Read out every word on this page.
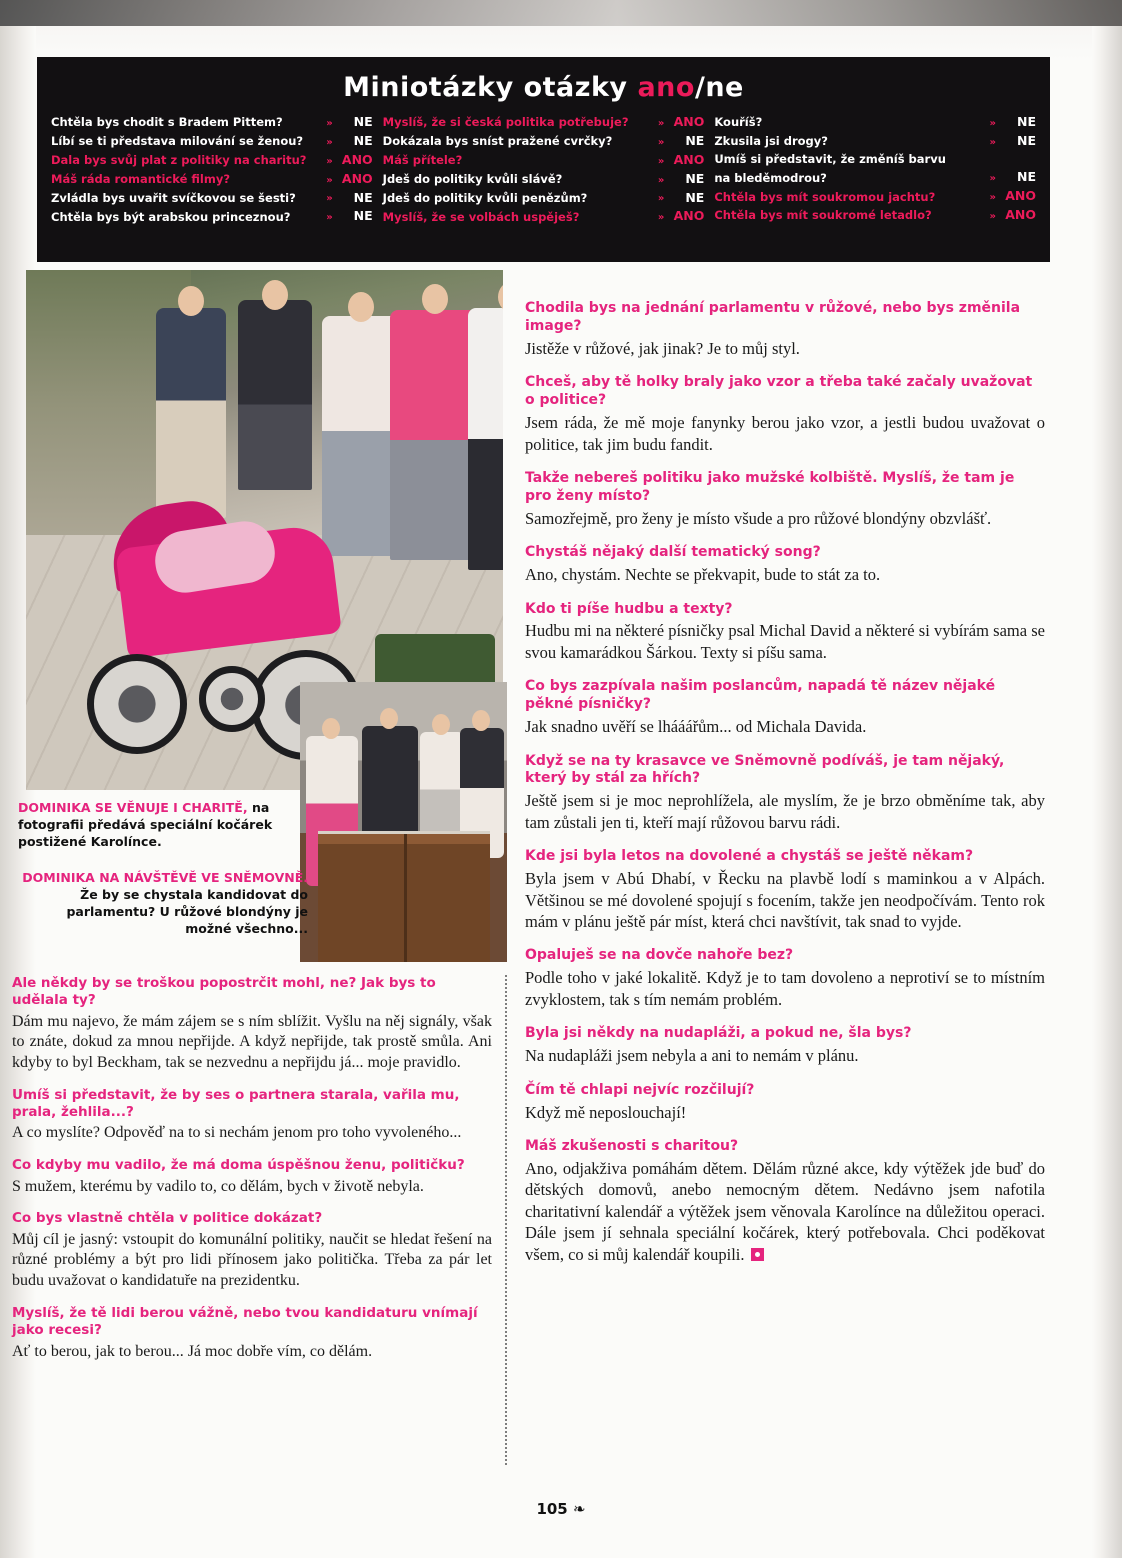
Miniotázky otázky ano/ne
Chtěla bys chodit s Bradem Pittem?	»	NE
Líbí se ti představa milování se ženou?	»	NE
Dala bys svůj plat z politiky na charitu?	» ANO
Máš ráda romantické filmy?	» ANO
Zvládla bys uvařit svíčkovou se šesti?	»	NE
Chtěla bys být arabskou princeznou?	»	NE
Myslíš, že si česká politika potřebuje?	» ANO
Dokázala bys sníst pražené cvrčky?	»	NE
Máš přítele?	» ANO
Jdeš do politiky kvůli slávě?	»	NE
Jdeš do politiky kvůli penězům?	»	NE
Myslíš, že se volbách uspěješ?	» ANO
Kouříš?	»	NE
Zkusila jsi drogy?	»	NE
Umíš si představit, že změníš barvu
na bleděmodrou?	»	NE
Chtěla bys mít soukromou jachtu?	» ANO
Chtěla bys mít soukromé letadlo?	» ANO
DOMINIKA SE VĚNUJE I CHARITĚ, na fotografii předává speciální kočárek postižené Karolínce.
DOMINIKA NA NÁVŠTĚVĚ VE SNĚMOVNĚ. Že by se chystala kandidovat do parlamentu? U růžové blondýny je možné všechno...
Ale někdy by se troškou popostrčit mohl, ne? Jak bys to udělala ty?
Dám mu najevo, že mám zájem se s ním sblížit. Vyšlu na něj signály, však to znáte, dokud za mnou nepřijde. A když nepřijde, tak prostě smůla. Ani kdyby to byl Beckham, tak se nezvednu a nepřijdu já... moje pravidlo.
Umíš si představit, že by ses o partnera starala, vařila mu, prala, žehlila...?
A co myslíte? Odpověď na to si nechám jenom pro toho vyvoleného...
Co kdyby mu vadilo, že má doma úspěšnou ženu, političku?
S mužem, kterému by vadilo to, co dělám, bych v životě nebyla.
Co bys vlastně chtěla v politice dokázat?
Můj cíl je jasný: vstoupit do komunální politiky, naučit se hledat řešení na různé problémy a být pro lidi přínosem jako politička. Třeba za pár let budu uvažovat o kandidatuře na prezidentku.
Myslíš, že tě lidi berou vážně, nebo tvou kandidaturu vnímají jako recesi?
Ať to berou, jak to berou... Já moc dobře vím, co dělám.
Chodila bys na jednání parlamentu v růžové, nebo bys změnila image?
Jistěže v růžové, jak jinak? Je to můj styl.
Chceš, aby tě holky braly jako vzor a třeba také začaly uvažovat o politice?
Jsem ráda, že mě moje fanynky berou jako vzor, a jestli budou uvažovat o politice, tak jim budu fandit.
Takže nebereš politiku jako mužské kolbiště. Myslíš, že tam je pro ženy místo?
Samozřejmě, pro ženy je místo všude a pro růžové blondýny obzvlášť.
Chystáš nějaký další tematický song?
Ano, chystám. Nechte se překvapit, bude to stát za to.
Kdo ti píše hudbu a texty?
Hudbu mi na některé písničky psal Michal David a některé si vybírám sama se svou kamarádkou Šárkou. Texty si píšu sama.
Co bys zazpívala našim poslancům, napadá tě název nějaké pěkné písničky?
Jak snadno uvěří se lhááářům... od Michala Davida.
Když se na ty krasavce ve Sněmovně podíváš, je tam nějaký, který by stál za hřích?
Ještě jsem si je moc neprohlížela, ale myslím, že je brzo obměníme tak, aby tam zůstali jen ti, kteří mají růžovou barvu rádi.
Kde jsi byla letos na dovolené a chystáš se ještě někam?
Byla jsem v Abú Dhabí, v Řecku na plavbě lodí s maminkou a v Alpách. Většinou se mé dovolené spojují s focením, takže jen neodpočívám. Tento rok mám v plánu ještě pár míst, která chci navštívit, tak snad to vyjde.
Opaluješ se na dovče nahoře bez?
Podle toho v jaké lokalitě. Když je to tam dovoleno a neprotiví se to místním zvyklostem, tak s tím nemám problém.
Byla jsi někdy na nudapláži, a pokud ne, šla bys?
Na nudapláži jsem nebyla a ani to nemám v plánu.
Čím tě chlapi nejvíc rozčilují?
Když mě neposlouchají!
Máš zkušenosti s charitou?
Ano, odjakživa pomáhám dětem. Dělám různé akce, kdy výtěžek jde buď do dětských domovů, anebo nemocným dětem. Nedávno jsem nafotila charitativní kalendář a výtěžek jsem věnovala Karolínce na důležitou operaci. Dále jsem jí sehnala speciální kočárek, který potřebovala. Chci poděkovat všem, co si můj kalendář koupili.
105 ❧
